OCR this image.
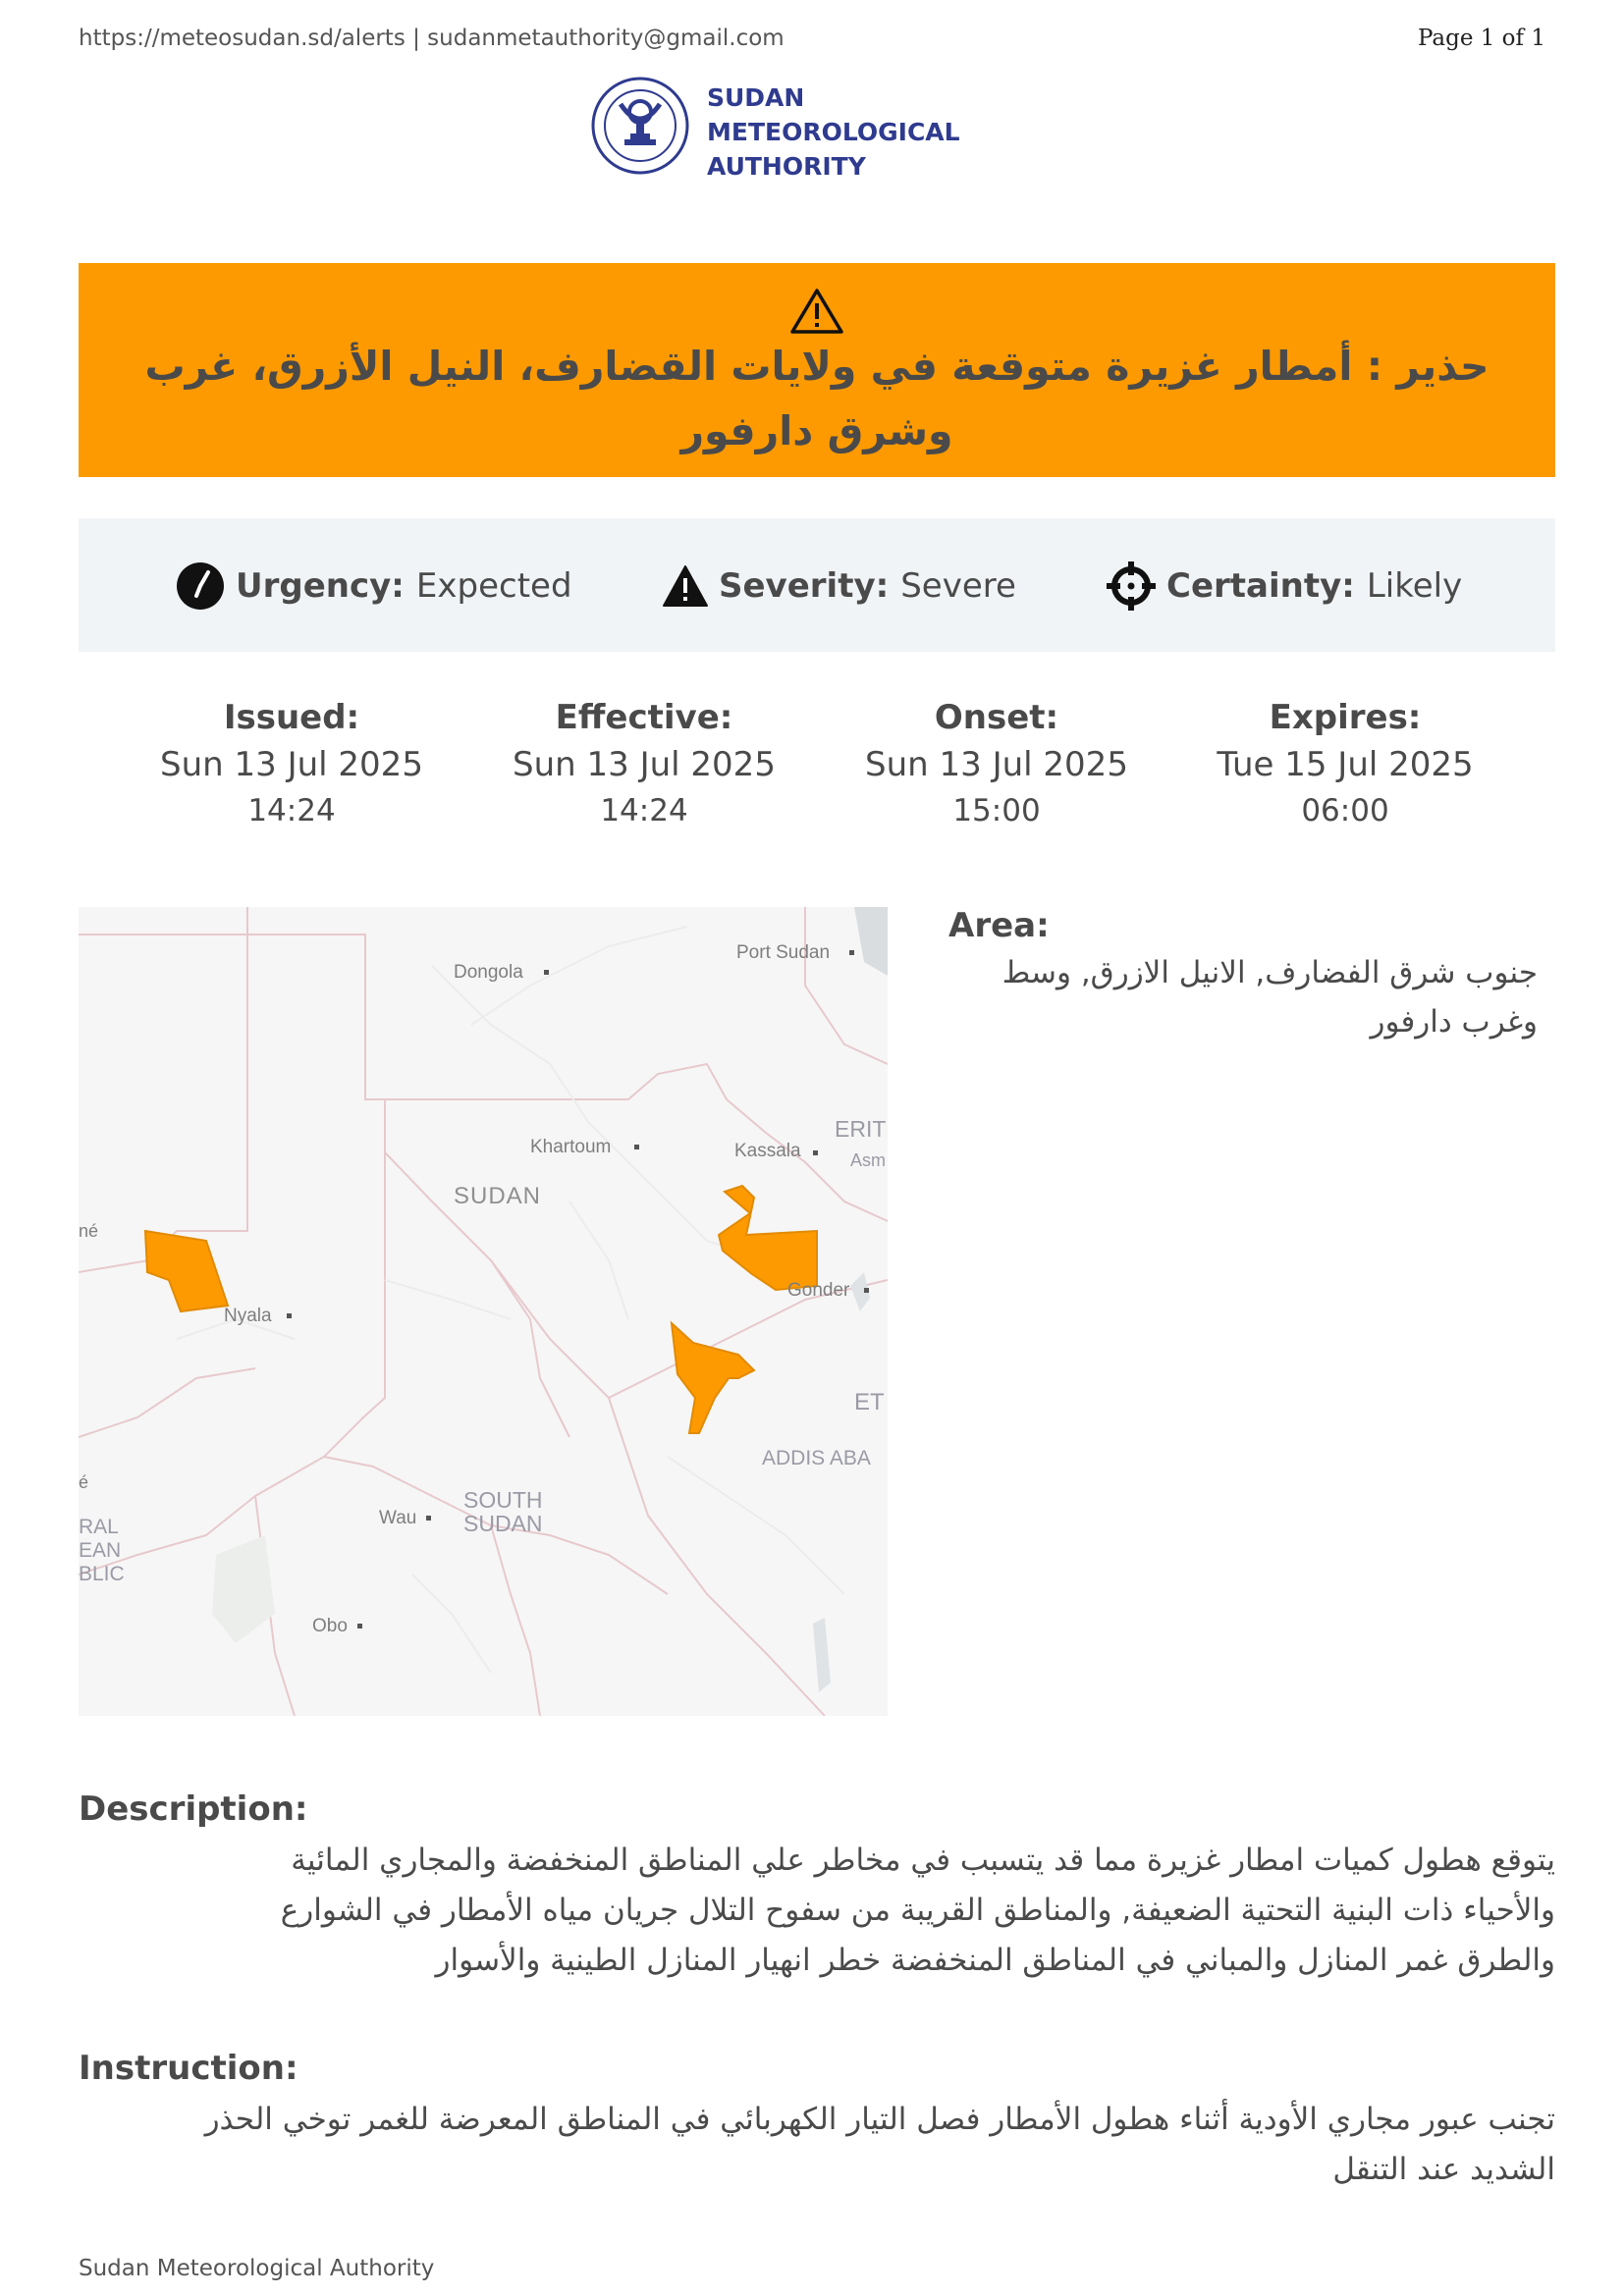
https://meteosudan.sd/alerts | sudanmetauthority@gmail.com	Page 1 of 1
SUDAN
METEOROLOGICAL
AUTHORITY
حذير : أمطار غزيرة متوقعة في ولايات القضارف، النيل الأزرق، غرب وشرق دارفور
Urgency: Expected	Severity: Severe	Certainty: Likely
Issued:
Sun 13 Jul 2025
14:24
Effective:
Sun 13 Jul 2025
14:24
Onset:
Sun 13 Jul 2025
15:00
Expires:
Tue 15 Jul 2025
06:00
Port Sudan
Dongola
Khartoum	Kassala
SUDAN
ERIT
Asm
Gonder
Nyala
né
ET
ADDIS ABA
SOUTH
SUDAN
Wau
Obo
RAL
EAN
BLIC
é
Area:
جنوب شرق الفضارف, الانيل الازرق, وسط وغرب دارفور
Description:
يتوقع هطول كميات امطار غزيرة مما قد يتسبب في مخاطر علي المناطق المنخفضة والمجاري المائية
والأحياء ذات البنية التحتية الضعيفة, والمناطق القريبة من سفوح التلال جريان مياه الأمطار في الشوارع
والطرق غمر المنازل والمباني في المناطق المنخفضة خطر انهيار المنازل الطينية والأسوار
Instruction:
تجنب عبور مجاري الأودية أثناء هطول الأمطار فصل التيار الكهربائي في المناطق المعرضة للغمر توخي الحذر
الشديد عند التنقل
Sudan Meteorological Authority
